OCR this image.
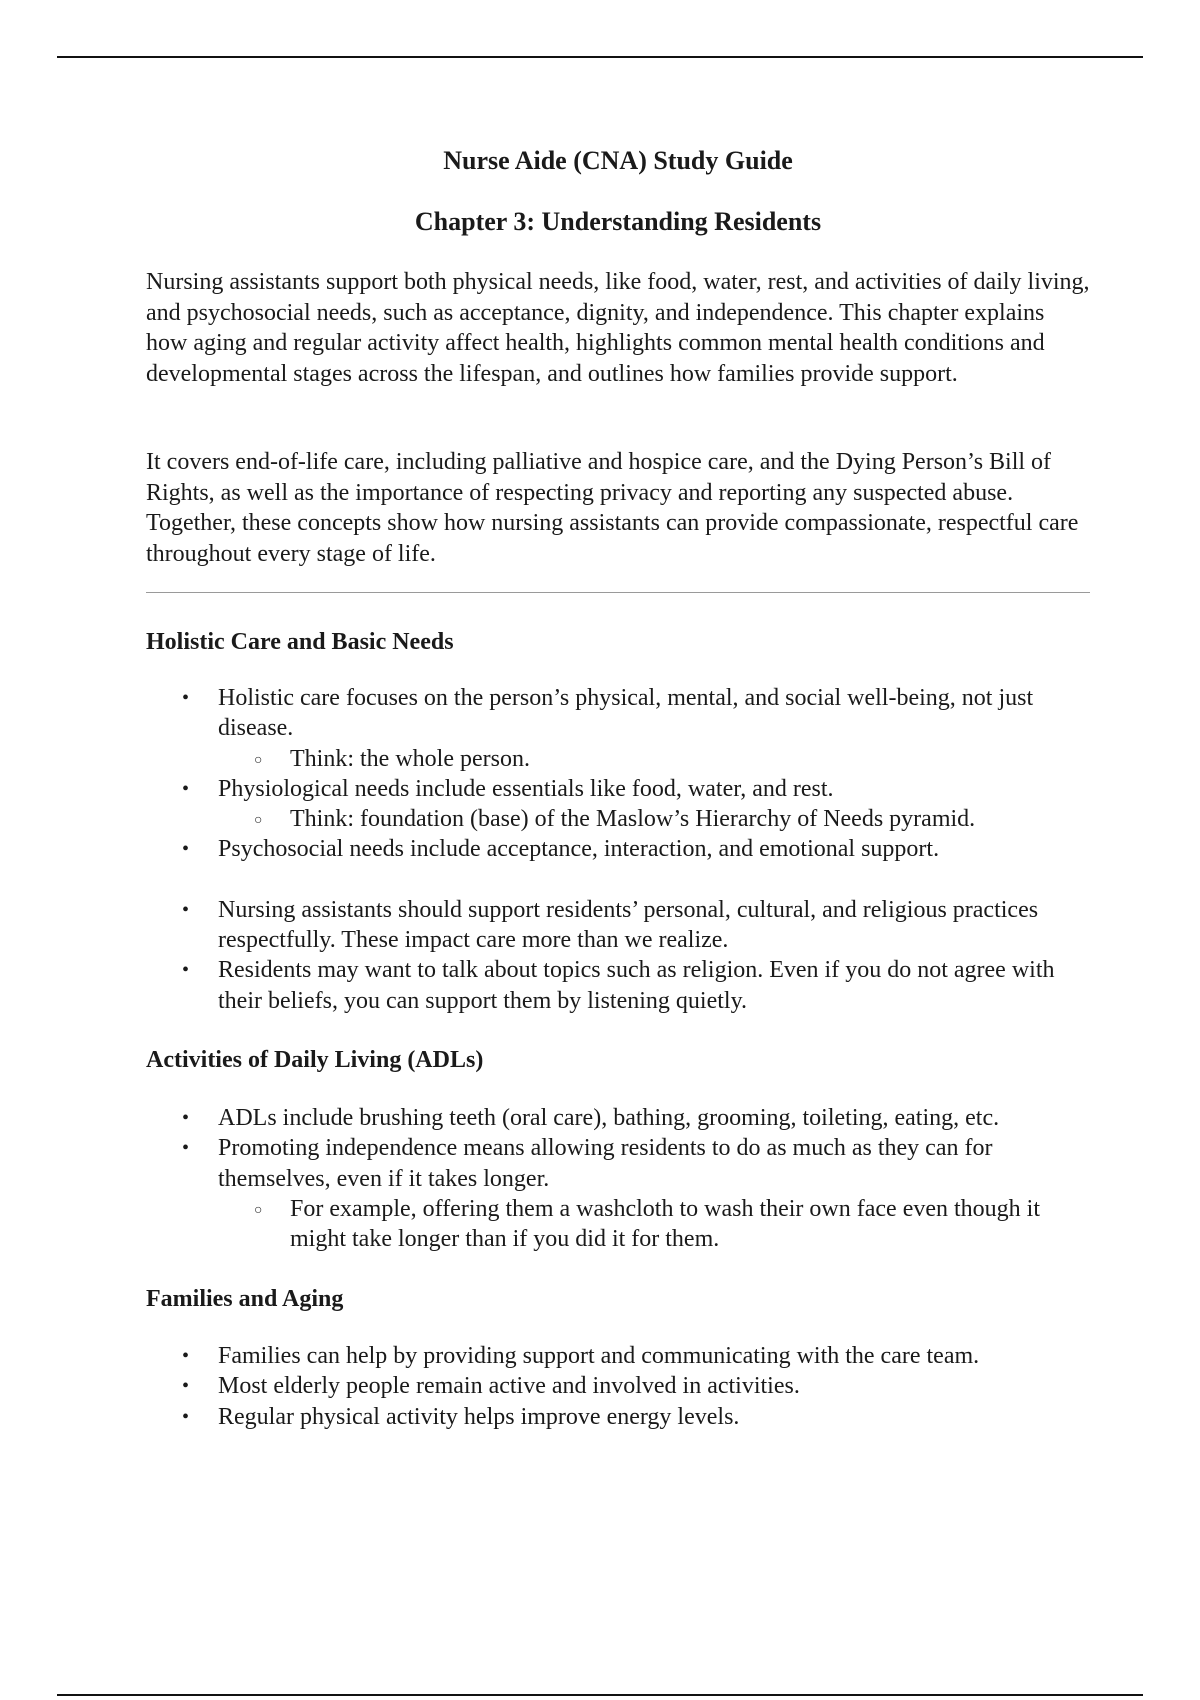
Nurse Aide (CNA) Study Guide
Chapter 3: Understanding Residents

Nursing assistants support both physical needs, like food, water, rest, and activities of daily living, and psychosocial needs, such as acceptance, dignity, and independence. This chapter explains how aging and regular activity affect health, highlights common mental health conditions and developmental stages across the lifespan, and outlines how families provide support.

It covers end-of-life care, including palliative and hospice care, and the Dying Person’s Bill of Rights, as well as the importance of respecting privacy and reporting any suspected abuse. Together, these concepts show how nursing assistants can provide compassionate, respectful care throughout every stage of life.

Holistic Care and Basic Needs
• Holistic care focuses on the person’s physical, mental, and social well-being, not just disease.
○ Think: the whole person.
• Physiological needs include essentials like food, water, and rest.
○ Think: foundation (base) of the Maslow’s Hierarchy of Needs pyramid.
• Psychosocial needs include acceptance, interaction, and emotional support.
• Nursing assistants should support residents’ personal, cultural, and religious practices respectfully. These impact care more than we realize.
• Residents may want to talk about topics such as religion. Even if you do not agree with their beliefs, you can support them by listening quietly.
Activities of Daily Living (ADLs)
• ADLs include brushing teeth (oral care), bathing, grooming, toileting, eating, etc.
• Promoting independence means allowing residents to do as much as they can for themselves, even if it takes longer.
○ For example, offering them a washcloth to wash their own face even though it might take longer than if you did it for them.
Families and Aging
• Families can help by providing support and communicating with the care team.
• Most elderly people remain active and involved in activities.
• Regular physical activity helps improve energy levels.
